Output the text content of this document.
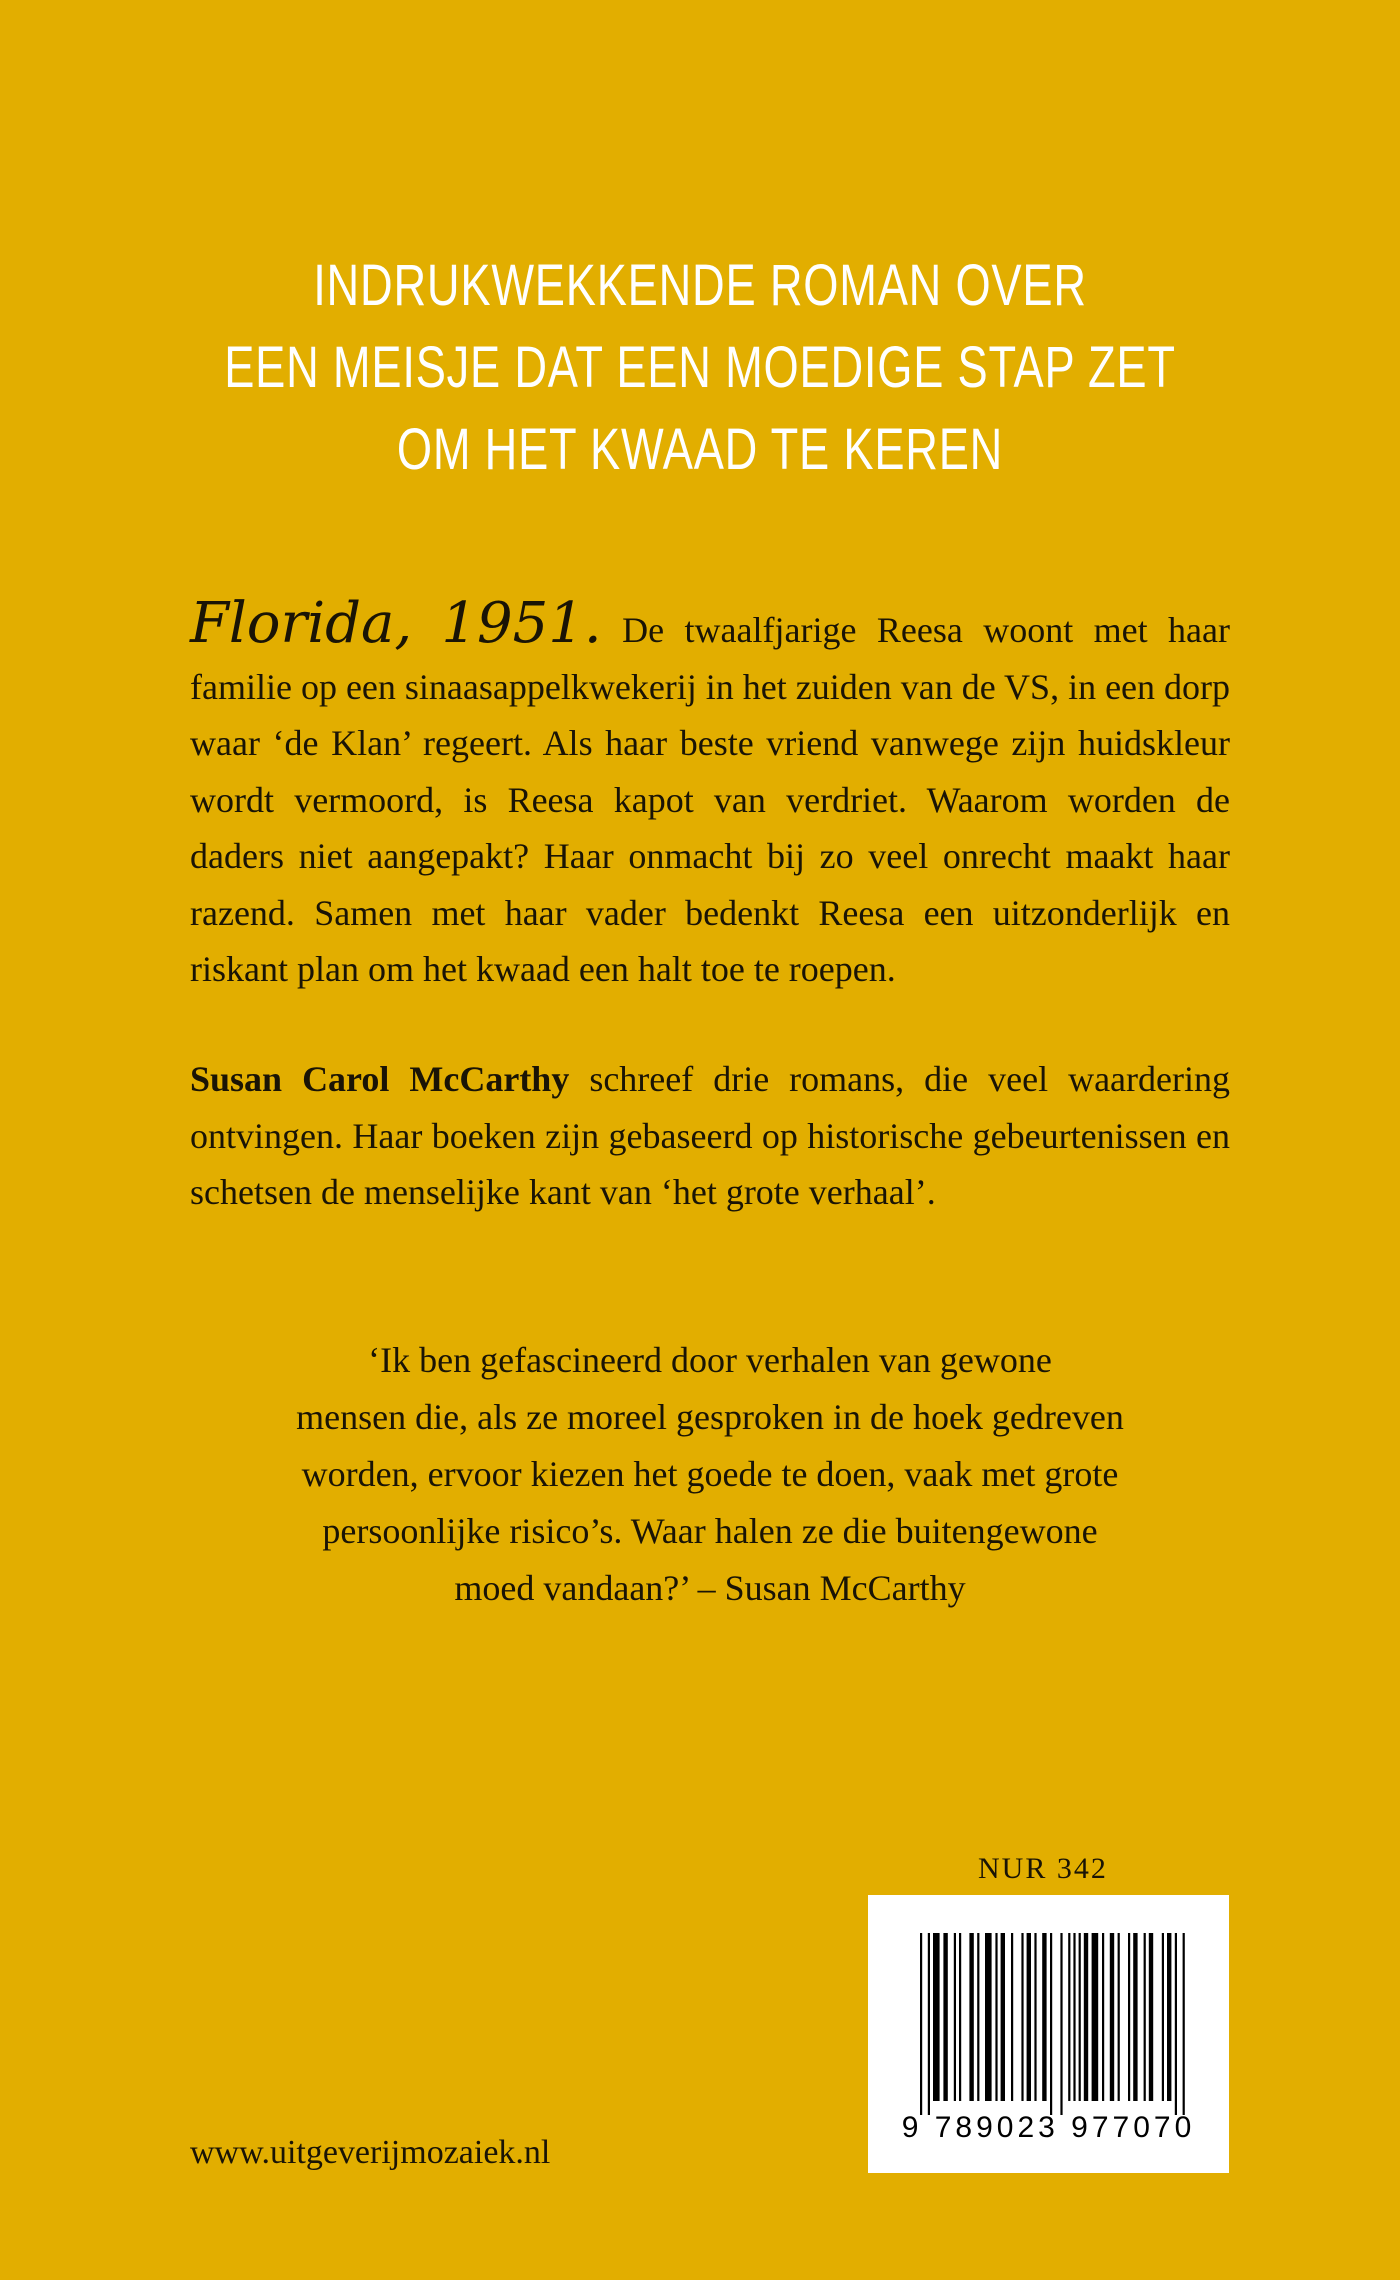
INDRUKWEKKENDE ROMAN OVER
EEN MEISJE DAT EEN MOEDIGE STAP ZET
OM HET KWAAD TE KEREN

Florida, 1951. De twaalfjarige Reesa woont met haar familie op een sinaasappelkwekerij in het zuiden van de VS, in een dorp waar ‘de Klan’ regeert. Als haar beste vriend vanwege zijn huidskleur wordt vermoord, is Reesa kapot van verdriet. Waarom worden de daders niet aangepakt? Haar onmacht bij zo veel onrecht maakt haar razend. Samen met haar vader bedenkt Reesa een uitzonderlijk en riskant plan om het kwaad een halt toe te roepen.

Susan Carol McCarthy schreef drie romans, die veel waardering ontvingen. Haar boeken zijn gebaseerd op historische gebeurtenissen en schetsen de menselijke kant van ‘het grote verhaal’.

‘Ik ben gefascineerd door verhalen van gewone
mensen die, als ze moreel gesproken in de hoek gedreven
worden, ervoor kiezen het goede te doen, vaak met grote
persoonlijke risico’s. Waar halen ze die buitengewone
moed vandaan?’ – Susan McCarthy
NUR 342
9 789023 977070
www.uitgeverijmozaiek.nl
